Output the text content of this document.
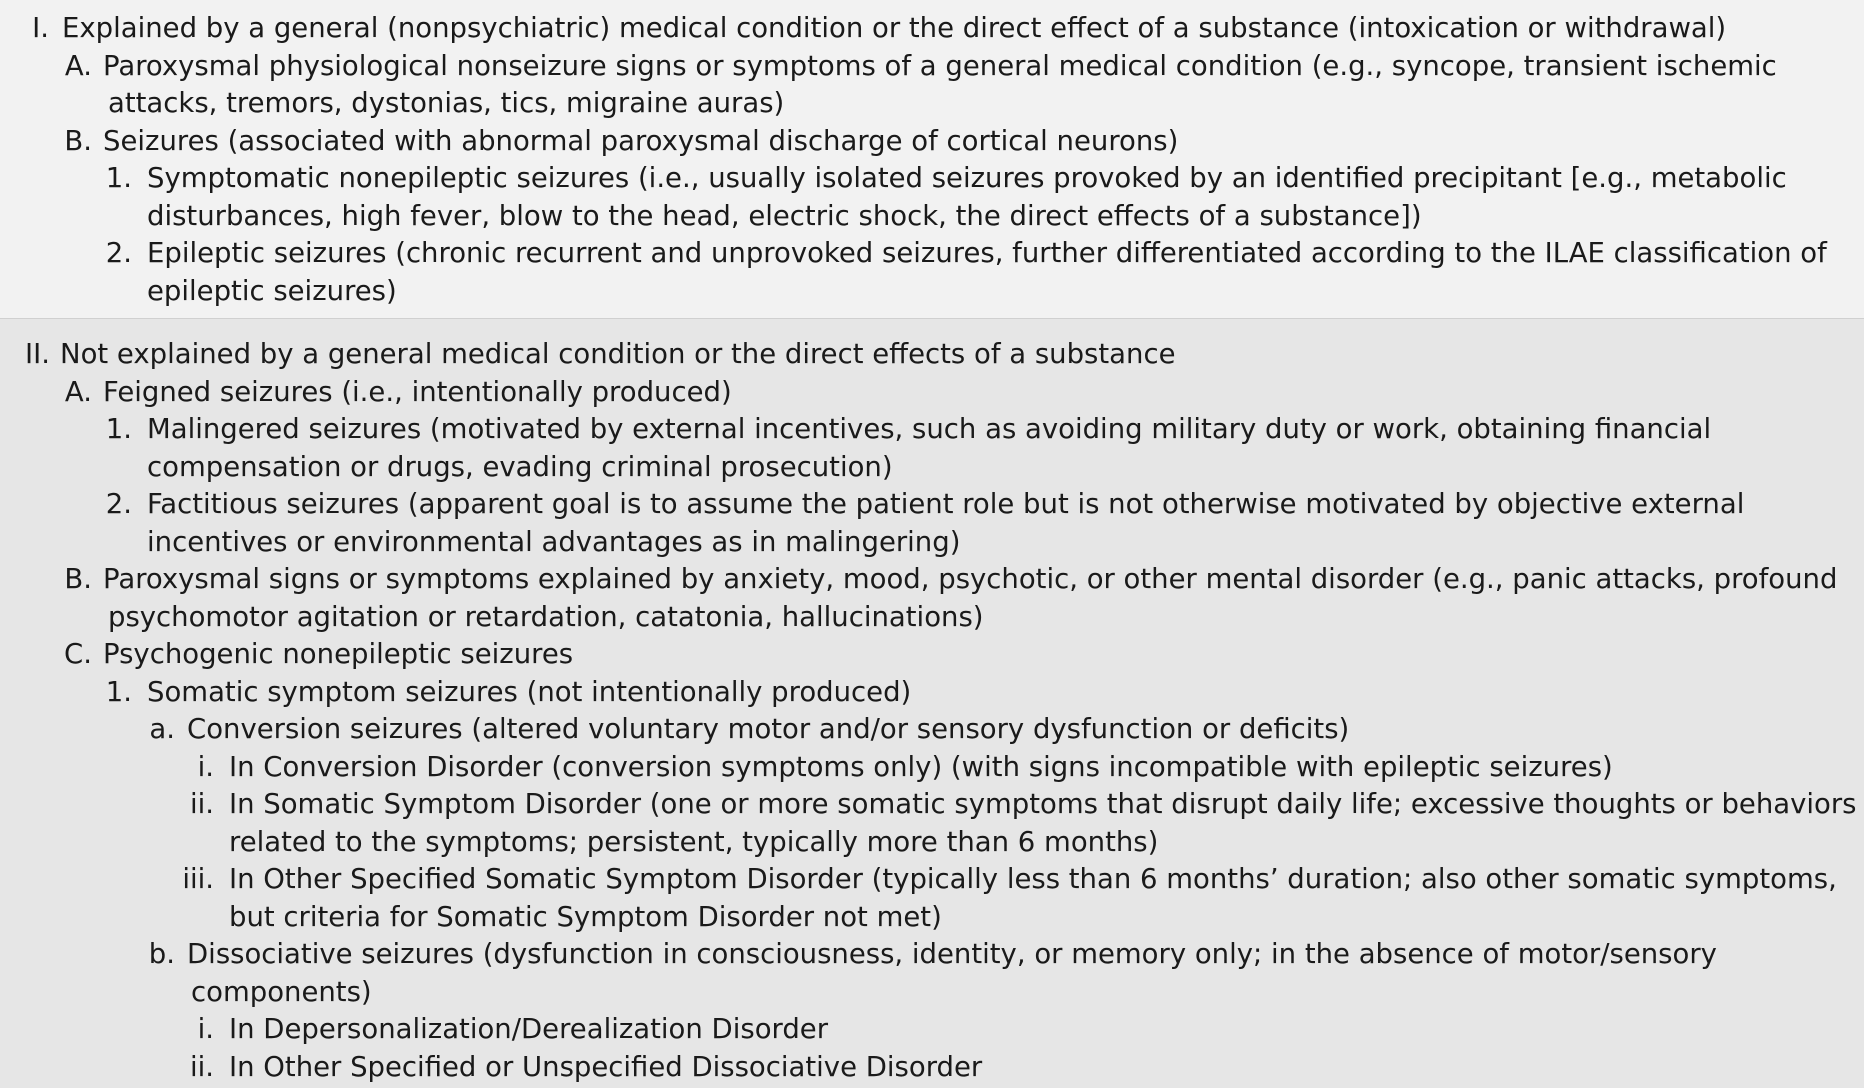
I. Explained by a general (nonpsychiatric) medical condition or the direct effect of a substance (intoxication or withdrawal)
A. Paroxysmal physiological nonseizure signs or symptoms of a general medical condition (e.g., syncope, transient ischemic
attacks, tremors, dystonias, tics, migraine auras)
B. Seizures (associated with abnormal paroxysmal discharge of cortical neurons)
1. Symptomatic nonepileptic seizures (i.e., usually isolated seizures provoked by an identified precipitant [e.g., metabolic
disturbances, high fever, blow to the head, electric shock, the direct effects of a substance])
2. Epileptic seizures (chronic recurrent and unprovoked seizures, further differentiated according to the ILAE classification of
epileptic seizures)
II. Not explained by a general medical condition or the direct effects of a substance
A. Feigned seizures (i.e., intentionally produced)
1. Malingered seizures (motivated by external incentives, such as avoiding military duty or work, obtaining financial
compensation or drugs, evading criminal prosecution)
2. Factitious seizures (apparent goal is to assume the patient role but is not otherwise motivated by objective external
incentives or environmental advantages as in malingering)
B. Paroxysmal signs or symptoms explained by anxiety, mood, psychotic, or other mental disorder (e.g., panic attacks, profound
psychomotor agitation or retardation, catatonia, hallucinations)
C. Psychogenic nonepileptic seizures
1. Somatic symptom seizures (not intentionally produced)
a. Conversion seizures (altered voluntary motor and/or sensory dysfunction or deficits)
i. In Conversion Disorder (conversion symptoms only) (with signs incompatible with epileptic seizures)
ii. In Somatic Symptom Disorder (one or more somatic symptoms that disrupt daily life; excessive thoughts or behaviors
related to the symptoms; persistent, typically more than 6 months)
iii. In Other Specified Somatic Symptom Disorder (typically less than 6 months’ duration; also other somatic symptoms,
but criteria for Somatic Symptom Disorder not met)
b. Dissociative seizures (dysfunction in consciousness, identity, or memory only; in the absence of motor/sensory
components)
i. In Depersonalization/Derealization Disorder
ii. In Other Specified or Unspecified Dissociative Disorder
